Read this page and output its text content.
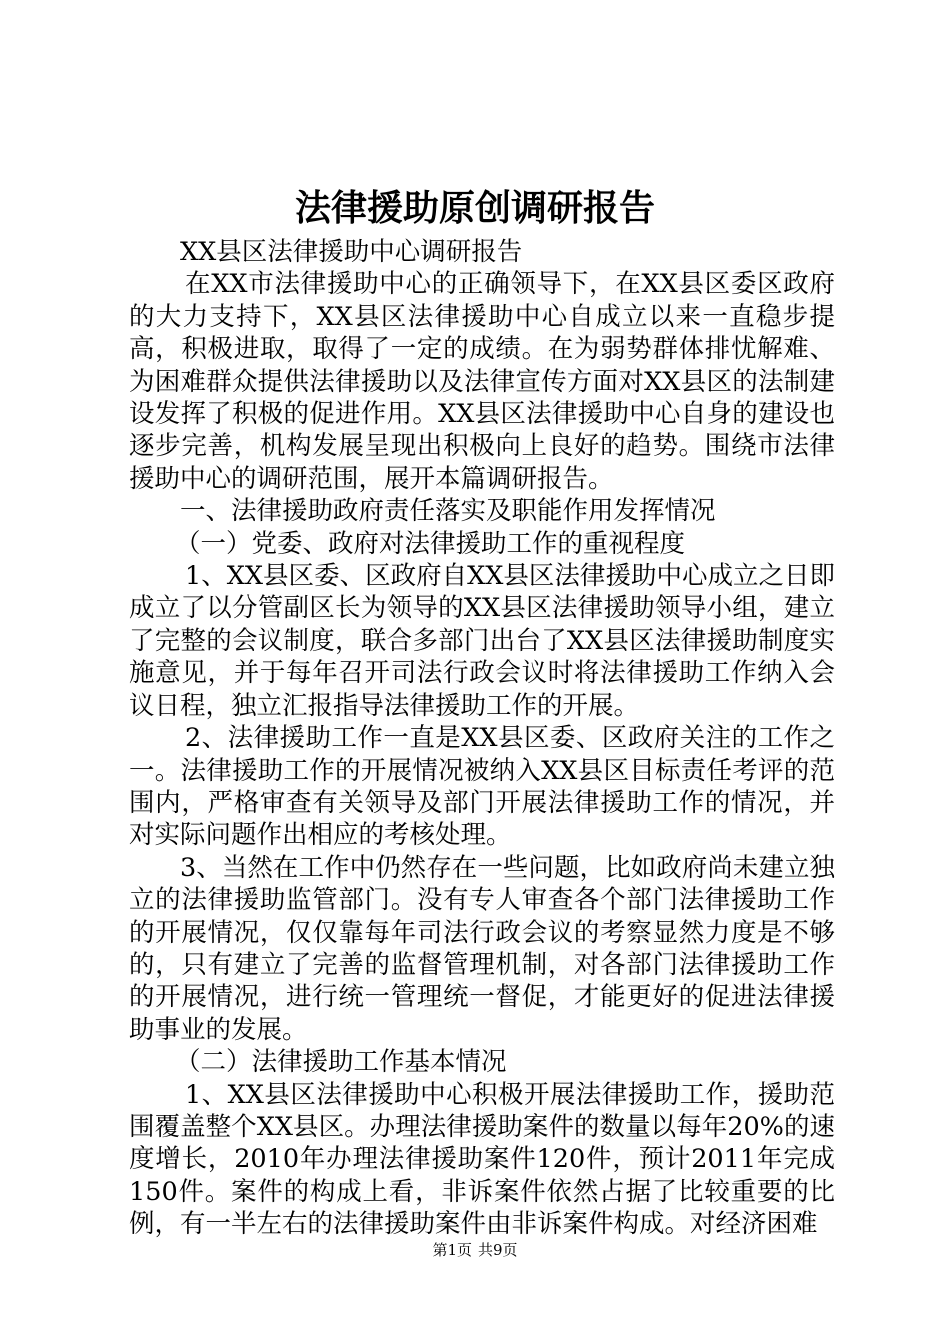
法律援助原创调研报告

XX县区法律援助中心调研报告

在XX市法律援助中心的正确领导下，在XX县区委区政府的大力支持下，XX县区法律援助中心自成立以来一直稳步提高，积极进取，取得了一定的成绩。在为弱势群体排忧解难、为困难群众提供法律援助以及法律宣传方面对XX县区的法制建设发挥了积极的促进作用。XX县区法律援助中心自身的建设也逐步完善，机构发展呈现出积极向上良好的趋势。围绕市法律援助中心的调研范围，展开本篇调研报告。

一、法律援助政府责任落实及职能作用发挥情况

（一）党委、政府对法律援助工作的重视程度

1、XX县区委、区政府自XX县区法律援助中心成立之日即成立了以分管副区长为领导的XX县区法律援助领导小组，建立了完整的会议制度，联合多部门出台了XX县区法律援助制度实施意见，并于每年召开司法行政会议时将法律援助工作纳入会议日程，独立汇报指导法律援助工作的开展。

2、法律援助工作一直是XX县区委、区政府关注的工作之一。法律援助工作的开展情况被纳入XX县区目标责任考评的范围内，严格审查有关领导及部门开展法律援助工作的情况，并对实际问题作出相应的考核处理。

3、当然在工作中仍然存在一些问题，比如政府尚未建立独立的法律援助监管部门。没有专人审查各个部门法律援助工作的开展情况，仅仅靠每年司法行政会议的考察显然力度是不够的，只有建立了完善的监督管理机制，对各部门法律援助工作的开展情况，进行统一管理统一督促，才能更好的促进法律援助事业的发展。

（二）法律援助工作基本情况

1、XX县区法律援助中心积极开展法律援助工作，援助范围覆盖整个XX县区。办理法律援助案件的数量以每年20%的速度增长，2010年办理法律援助案件120件，预计2011年完成150件。案件的构成上看，非诉案件依然占据了比较重要的比例，有一半左右的法律援助案件由非诉案件构成。对经济困难

第1页 共9页
